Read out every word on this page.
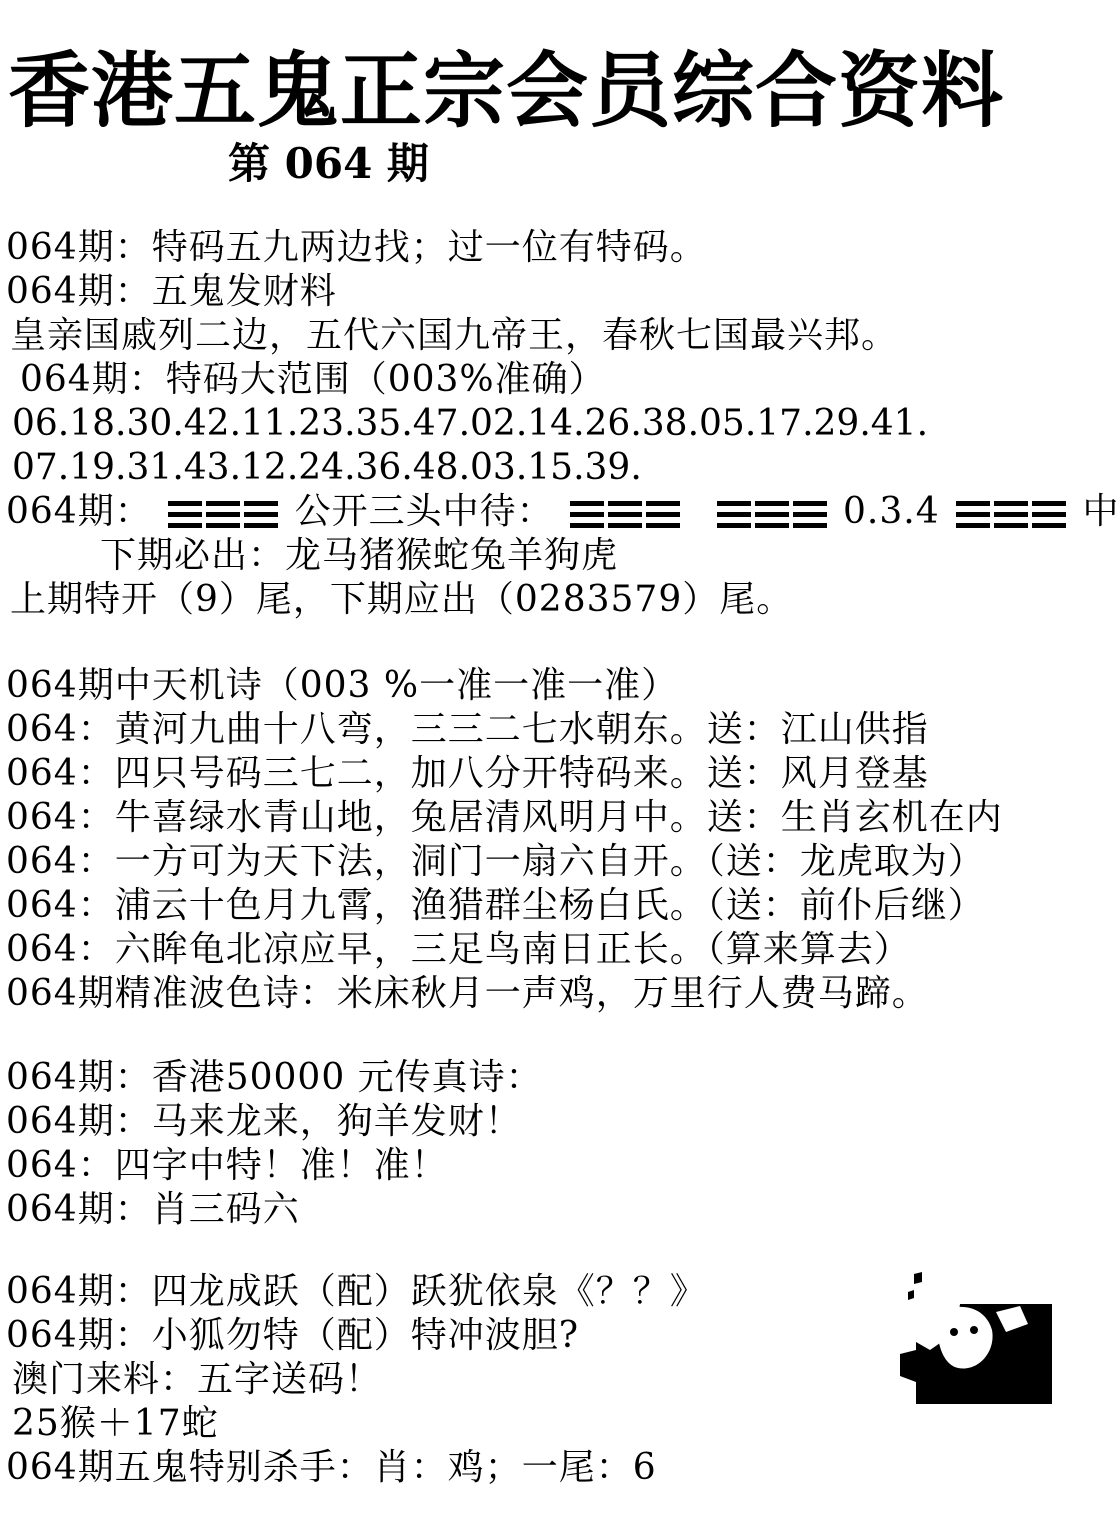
香港五鬼正宗会员综合资料
第 064 期
064期：特码五九两边找；过一位有特码。
064期：五鬼发财料
皇亲国戚列二边，五代六国九帝王，春秋七国最兴邦。
064期：特码大范围（003%准确）
06.18.30.42.11.23.35.47.02.14.26.38.05.17.29.41.
07.19.31.43.12.24.36.48.03.15.39.
064期：	公开三头中待：	0.3.4	中
下期必出：龙马猪猴蛇兔羊狗虎
上期特开（9）尾，下期应出（0283579）尾。
064期中天机诗（003 %一准一准一准）
064：黄河九曲十八弯，三三二七水朝东。送：江山供指
064：四只号码三七二，加八分开特码来。送：风月登基
064：牛喜绿水青山地，兔居清风明月中。送：生肖玄机在内
064：一方可为天下法，洞门一扇六自开。（送：龙虎取为）
064：浦云十色月九霄，渔猎群尘杨白氏。（送：前仆后继）
064：六眸龟北凉应早，三足鸟南日正长。（算来算去）
064期精准波色诗：米床秋月一声鸡，万里行人费马蹄。
064期：香港50000 元传真诗：
064期：马来龙来，狗羊发财！
064：四字中特！准！准！
064期：肖三码六
064期：四龙成跃（配）跃犹依泉《？？》
064期：小狐勿特（配）特冲波胆?
澳门来料：五字送码！
25猴＋17蛇
064期五鬼特别杀手：肖：鸡；一尾：6
